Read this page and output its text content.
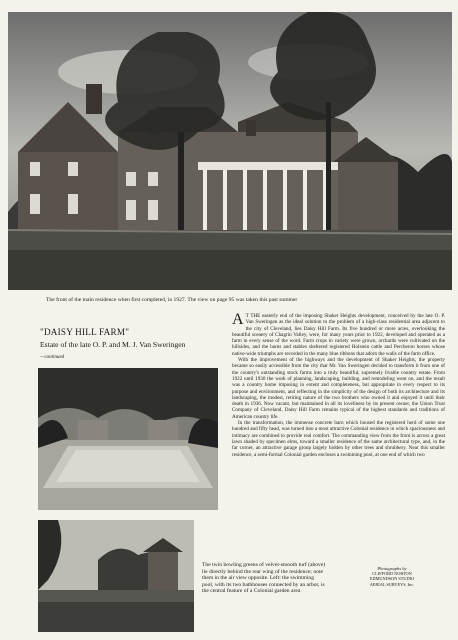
The front of the main residence when first completed, in 1927. The view on page 95 was taken this past summer
"DAISY HILL FARM"
Estate of the late O. P. and M. J. Van Sweringen
—continued
The twin bowling greens of velvet-smooth turf (above) lie directly behind the rear wing of the residence; note them in the air view opposite. Left: the swimming pool, with its two bathhouses connected by an arbor, is the central feature of a Colonial garden area
Photographs by
CLIFFORD NORTON
EDMUNDSON STUDIO
AERIAL SURVEYS, Inc.

A T THE easterly end of the imposing Shaker Heights development, conceived by the late O. P. Van Sweringen as the ideal solution to the problem of a high-class residential area adjacent to the city of Cleveland, lies Daisy Hill Farm. Its five hundred or more acres, overlooking the beautiful scenery of Chagrin Valley, were, for many years prior to 1922, developed and operated as a farm in every sense of the word. Farm crops in variety were grown, orchards were cultivated on the hillsides, and the barns and stables sheltered registered Holstein cattle and Percheron horses whose native-wide triumphs are recorded in the many blue ribbons that adorn the walls of the farm office.

With the improvement of the highways and the development of Shaker Heights, the property became so easily accessible from the city that Mr. Van Sweringen decided to transform it from one of the country's outstanding stock farms into a truly beautiful, supremely livable country estate. From 1922 until 1930 the work of planning, landscaping, building, and remodeling went on, and the result was a country home imposing in extent and completeness, but appropriate in every respect to its purpose and environment, and reflecting in the simplicity of the design of both its architecture and its landscaping, the modest, retiring nature of the two brothers who owned it and enjoyed it until their death in 1936. Now vacant, but maintained in all its loveliness by its present owner, the Union Trust Company of Cleveland, Daisy Hill Farm remains typical of the highest standards and traditions of American country life.

In the transformation, the immense concrete barn which housed the registered herd of some one hundred and fifty head, was turned into a most attractive Colonial residence in which spaciousness and intimacy are combined to provide real comfort. The commanding view from the front is across a great lawn shaded by specimen elms, toward a smaller residence of the same architectural type, and, in the far corner, an attractive garage group largely hidden by other trees and shrubbery. Near this smaller residence, a semi-formal Colonial garden encloses a swimming pool, at one end of which two
